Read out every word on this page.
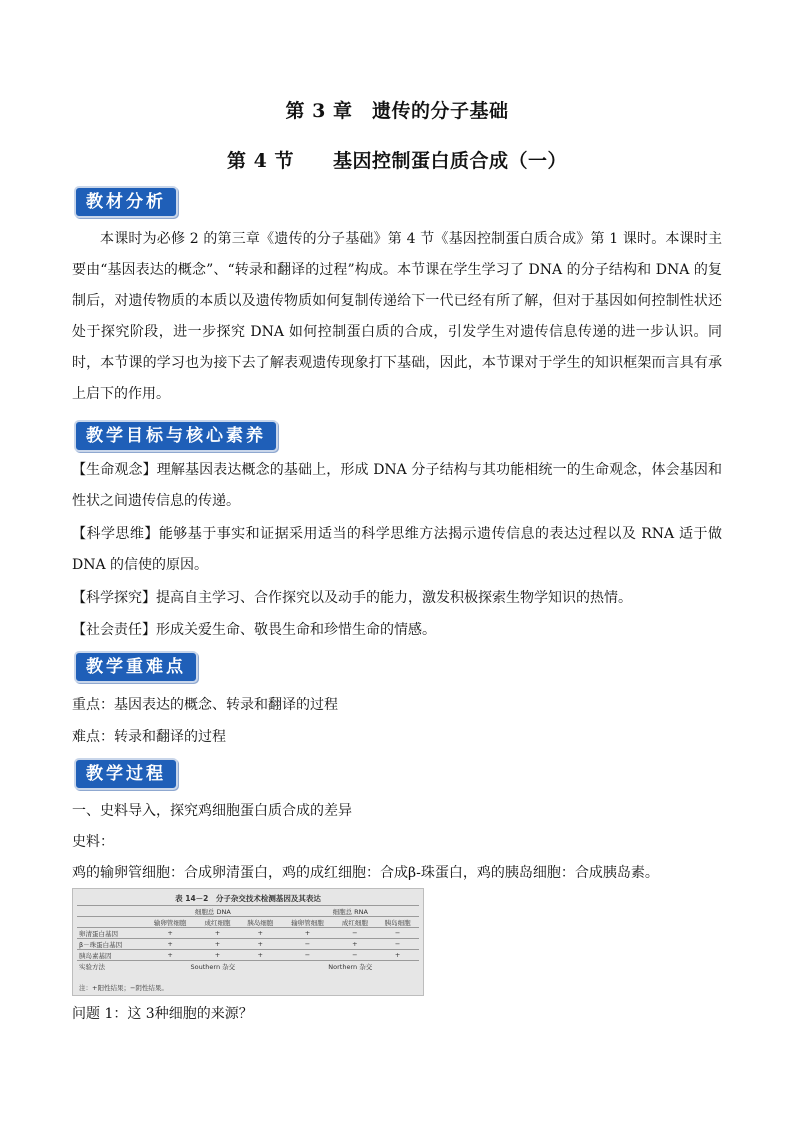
第 3 章　遗传的分子基础
第 4 节　　基因控制蛋白质合成（一）
教材分析
本课时为必修 2 的第三章《遗传的分子基础》第 4 节《基因控制蛋白质合成》第 1 课时。本课时主要由“基因表达的概念”、“转录和翻译的过程”构成。本节课在学生学习了 DNA 的分子结构和 DNA 的复制后，对遗传物质的本质以及遗传物质如何复制传递给下一代已经有所了解，但对于基因如何控制性状还处于探究阶段，进一步探究 DNA 如何控制蛋白质的合成，引发学生对遗传信息传递的进一步认识。同时，本节课的学习也为接下去了解表观遗传现象打下基础，因此，本节课对于学生的知识框架而言具有承上启下的作用。
教学目标与核心素养
【生命观念】理解基因表达概念的基础上，形成 DNA 分子结构与其功能相统一的生命观念，体会基因和性状之间遗传信息的传递。
【科学思维】能够基于事实和证据采用适当的科学思维方法揭示遗传信息的表达过程以及 RNA 适于做 DNA 的信使的原因。
【科学探究】提高自主学习、合作探究以及动手的能力，激发积极探索生物学知识的热情。
【社会责任】形成关爱生命、敬畏生命和珍惜生命的情感。
教学重难点
重点：基因表达的概念、转录和翻译的过程
难点：转录和翻译的过程
教学过程
一、史料导入，探究鸡细胞蛋白质合成的差异
史料：
鸡的输卵管细胞：合成卵清蛋白，鸡的成红细胞：合成β-珠蛋白，鸡的胰岛细胞：合成胰岛素。
表 14－2　分子杂交技术检测基因及其表达
	细胞总 DNA			细胞总 RNA		
	输卵管细胞	成红细胞	胰岛细胞	输卵管细胞	成红细胞	胰岛细胞
卵清蛋白基因	+	+	+	+	−	−
β－珠蛋白基因	+	+	+	−	+	−
胰岛素基因	+	+	+	−	−	+
实验方法	Southern 杂交			Northern 杂交		
注：+阳性结果；−阴性结果。
问题 1：这 3种细胞的来源？
